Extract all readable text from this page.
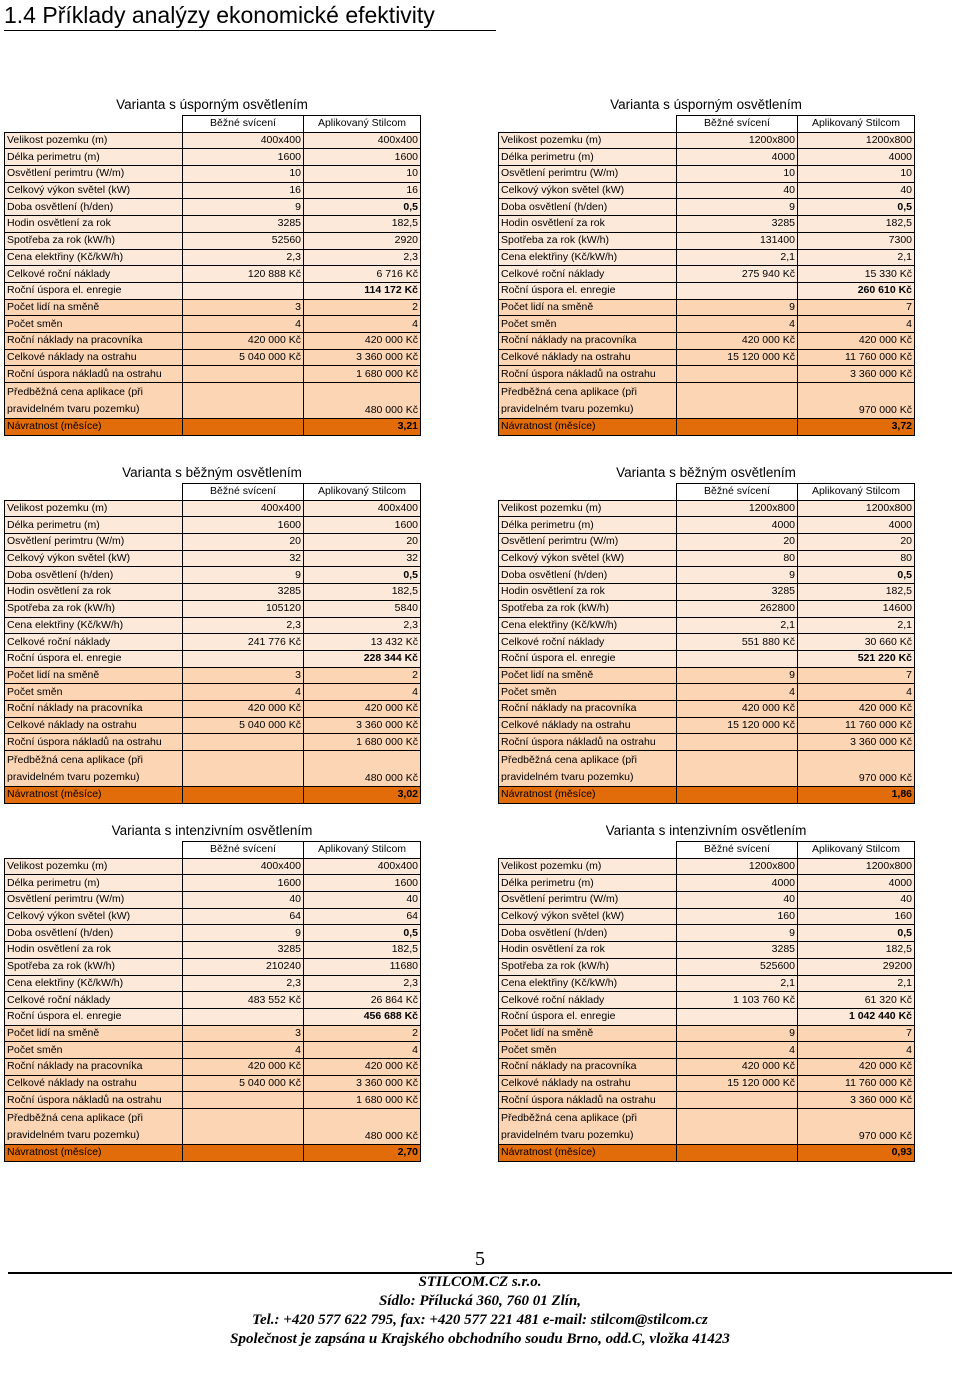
1.4 Příklady analýzy ekonomické efektivity
Varianta s úsporným osvětlením
	Běžné svícení	Aplikovaný Stilcom
Velikost pozemku (m)	400x400	400x400
Délka perimetru (m)	1600	1600
Osvětlení perimtru (W/m)	10	10
Celkový výkon světel (kW)	16	16
Doba osvětlení (h/den)	9	0,5
Hodin osvětlení za rok	3285	182,5
Spotřeba za rok (kW/h)	52560	2920
Cena elektřiny (Kč/kW/h)	2,3	2,3
Celkové roční náklady	120 888 Kč	6 716 Kč
Roční úspora el. enregie		114 172 Kč
Počet lidí na směně	3	2
Počet směn	4	4
Roční náklady na pracovníka	420 000 Kč	420 000 Kč
Celkové náklady na ostrahu	5 040 000 Kč	3 360 000 Kč
Roční úspora nákladů na ostrahu		1 680 000 Kč
Předběžná cena aplikace (při pravidelném tvaru pozemku)		480 000 Kč
Návratnost (měsíce)		3,21
Varianta s úsporným osvětlením
	Běžné svícení	Aplikovaný Stilcom
Velikost pozemku (m)	1200x800	1200x800
Délka perimetru (m)	4000	4000
Osvětlení perimtru (W/m)	10	10
Celkový výkon světel (kW)	40	40
Doba osvětlení (h/den)	9	0,5
Hodin osvětlení za rok	3285	182,5
Spotřeba za rok (kW/h)	131400	7300
Cena elektřiny (Kč/kW/h)	2,1	2,1
Celkové roční náklady	275 940 Kč	15 330 Kč
Roční úspora el. enregie		260 610 Kč
Počet lidí na směně	9	7
Počet směn	4	4
Roční náklady na pracovníka	420 000 Kč	420 000 Kč
Celkové náklady na ostrahu	15 120 000 Kč	11 760 000 Kč
Roční úspora nákladů na ostrahu		3 360 000 Kč
Předběžná cena aplikace (při pravidelném tvaru pozemku)		970 000 Kč
Návratnost (měsíce)		3,72
Varianta s běžným osvětlením
	Běžné svícení	Aplikovaný Stilcom
Velikost pozemku (m)	400x400	400x400
Délka perimetru (m)	1600	1600
Osvětlení perimtru (W/m)	20	20
Celkový výkon světel (kW)	32	32
Doba osvětlení (h/den)	9	0,5
Hodin osvětlení za rok	3285	182,5
Spotřeba za rok (kW/h)	105120	5840
Cena elektřiny (Kč/kW/h)	2,3	2,3
Celkové roční náklady	241 776 Kč	13 432 Kč
Roční úspora el. enregie		228 344 Kč
Počet lidí na směně	3	2
Počet směn	4	4
Roční náklady na pracovníka	420 000 Kč	420 000 Kč
Celkové náklady na ostrahu	5 040 000 Kč	3 360 000 Kč
Roční úspora nákladů na ostrahu		1 680 000 Kč
Předběžná cena aplikace (při pravidelném tvaru pozemku)		480 000 Kč
Návratnost (měsíce)		3,02
Varianta s běžným osvětlením
	Běžné svícení	Aplikovaný Stilcom
Velikost pozemku (m)	1200x800	1200x800
Délka perimetru (m)	4000	4000
Osvětlení perimtru (W/m)	20	20
Celkový výkon světel (kW)	80	80
Doba osvětlení (h/den)	9	0,5
Hodin osvětlení za rok	3285	182,5
Spotřeba za rok (kW/h)	262800	14600
Cena elektřiny (Kč/kW/h)	2,1	2,1
Celkové roční náklady	551 880 Kč	30 660 Kč
Roční úspora el. enregie		521 220 Kč
Počet lidí na směně	9	7
Počet směn	4	4
Roční náklady na pracovníka	420 000 Kč	420 000 Kč
Celkové náklady na ostrahu	15 120 000 Kč	11 760 000 Kč
Roční úspora nákladů na ostrahu		3 360 000 Kč
Předběžná cena aplikace (při pravidelném tvaru pozemku)		970 000 Kč
Návratnost (měsíce)		1,86
Varianta s intenzivním osvětlením
	Běžné svícení	Aplikovaný Stilcom
Velikost pozemku (m)	400x400	400x400
Délka perimetru (m)	1600	1600
Osvětlení perimtru (W/m)	40	40
Celkový výkon světel (kW)	64	64
Doba osvětlení (h/den)	9	0,5
Hodin osvětlení za rok	3285	182,5
Spotřeba za rok (kW/h)	210240	11680
Cena elektřiny (Kč/kW/h)	2,3	2,3
Celkové roční náklady	483 552 Kč	26 864 Kč
Roční úspora el. enregie		456 688 Kč
Počet lidí na směně	3	2
Počet směn	4	4
Roční náklady na pracovníka	420 000 Kč	420 000 Kč
Celkové náklady na ostrahu	5 040 000 Kč	3 360 000 Kč
Roční úspora nákladů na ostrahu		1 680 000 Kč
Předběžná cena aplikace (při pravidelném tvaru pozemku)		480 000 Kč
Návratnost (měsíce)		2,70
Varianta s intenzivním osvětlením
	Běžné svícení	Aplikovaný Stilcom
Velikost pozemku (m)	1200x800	1200x800
Délka perimetru (m)	4000	4000
Osvětlení perimtru (W/m)	40	40
Celkový výkon světel (kW)	160	160
Doba osvětlení (h/den)	9	0,5
Hodin osvětlení za rok	3285	182,5
Spotřeba za rok (kW/h)	525600	29200
Cena elektřiny (Kč/kW/h)	2,1	2,1
Celkové roční náklady	1 103 760 Kč	61 320 Kč
Roční úspora el. enregie		1 042 440 Kč
Počet lidí na směně	9	7
Počet směn	4	4
Roční náklady na pracovníka	420 000 Kč	420 000 Kč
Celkové náklady na ostrahu	15 120 000 Kč	11 760 000 Kč
Roční úspora nákladů na ostrahu		3 360 000 Kč
Předběžná cena aplikace (při pravidelném tvaru pozemku)		970 000 Kč
Návratnost (měsíce)		0,93
5
STILCOM.CZ s.r.o.
Sídlo: Přílucká 360, 760 01 Zlín,
Tel.: +420 577 622 795, fax: +420 577 221 481 e-mail: stilcom@stilcom.cz
Společnost je zapsána u Krajského obchodního soudu Brno, odd.C, vložka 41423
